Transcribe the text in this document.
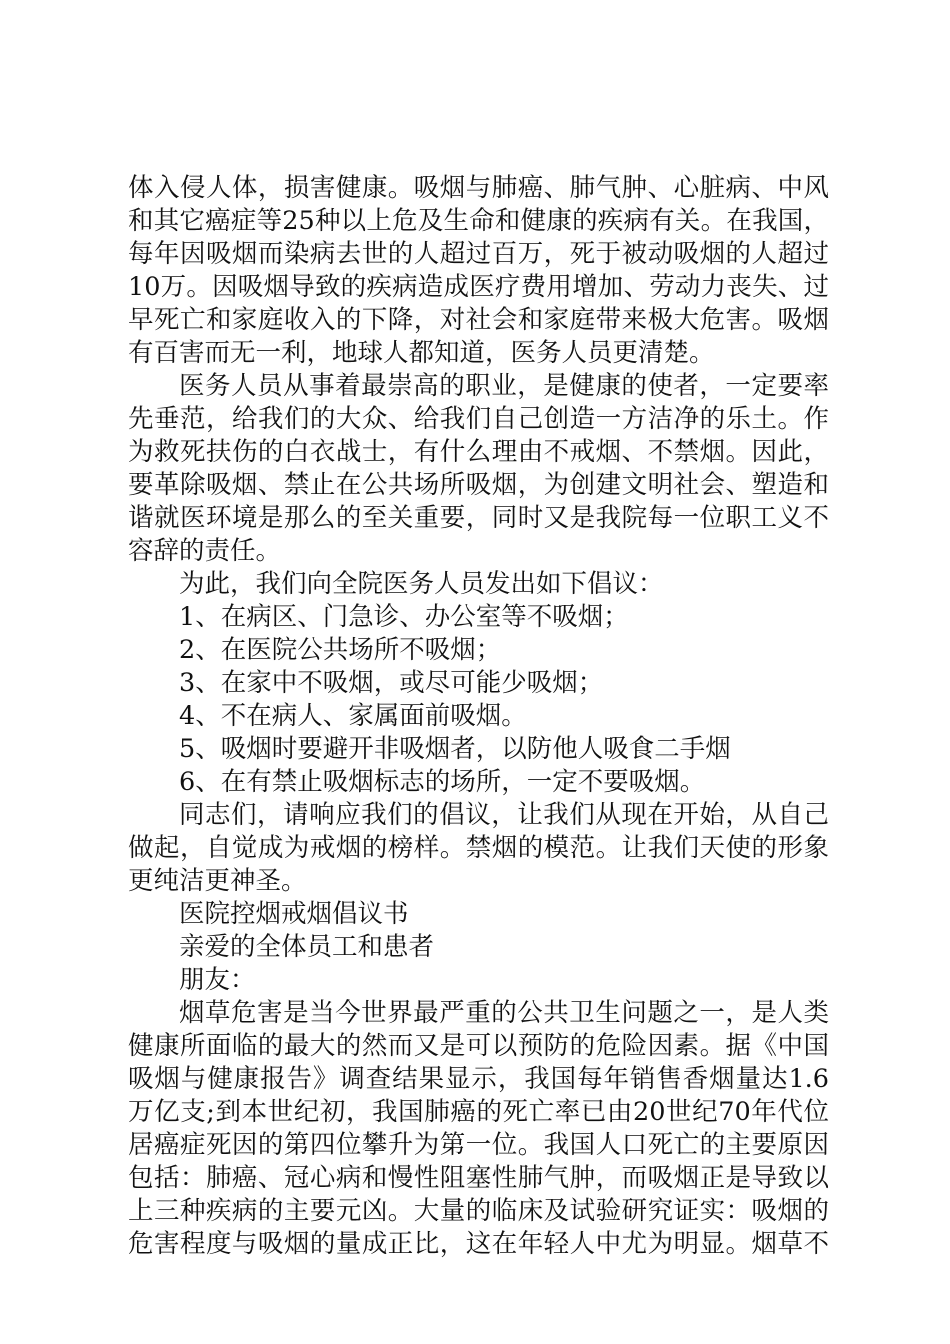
体入侵人体，损害健康。吸烟与肺癌、肺气肿、心脏病、中风
和其它癌症等25种以上危及生命和健康的疾病有关。在我国，
每年因吸烟而染病去世的人超过百万，死于被动吸烟的人超过
10万。因吸烟导致的疾病造成医疗费用增加、劳动力丧失、过
早死亡和家庭收入的下降，对社会和家庭带来极大危害。吸烟
有百害而无一利，地球人都知道，医务人员更清楚。
医务人员从事着最崇高的职业，是健康的使者，一定要率
先垂范，给我们的大众、给我们自己创造一方洁净的乐土。作
为救死扶伤的白衣战士，有什么理由不戒烟、不禁烟。因此，
要革除吸烟、禁止在公共场所吸烟，为创建文明社会、塑造和
谐就医环境是那么的至关重要，同时又是我院每一位职工义不
容辞的责任。
为此，我们向全院医务人员发出如下倡议：
1、在病区、门急诊、办公室等不吸烟；
2、在医院公共场所不吸烟；
3、在家中不吸烟，或尽可能少吸烟；
4、不在病人、家属面前吸烟。
5、吸烟时要避开非吸烟者，以防他人吸食二手烟
6、在有禁止吸烟标志的场所，一定不要吸烟。
同志们，请响应我们的倡议，让我们从现在开始，从自己
做起，自觉成为戒烟的榜样。禁烟的模范。让我们天使的形象
更纯洁更神圣。
医院控烟戒烟倡议书
亲爱的全体员工和患者
朋友：
烟草危害是当今世界最严重的公共卫生问题之一，是人类
健康所面临的最大的然而又是可以预防的危险因素。据《中国
吸烟与健康报告》调查结果显示，我国每年销售香烟量达1.6
万亿支;到本世纪初，我国肺癌的死亡率已由20世纪70年代位
居癌症死因的第四位攀升为第一位。我国人口死亡的主要原因
包括：肺癌、冠心病和慢性阻塞性肺气肿，而吸烟正是导致以
上三种疾病的主要元凶。大量的临床及试验研究证实：吸烟的
危害程度与吸烟的量成正比，这在年轻人中尤为明显。烟草不
